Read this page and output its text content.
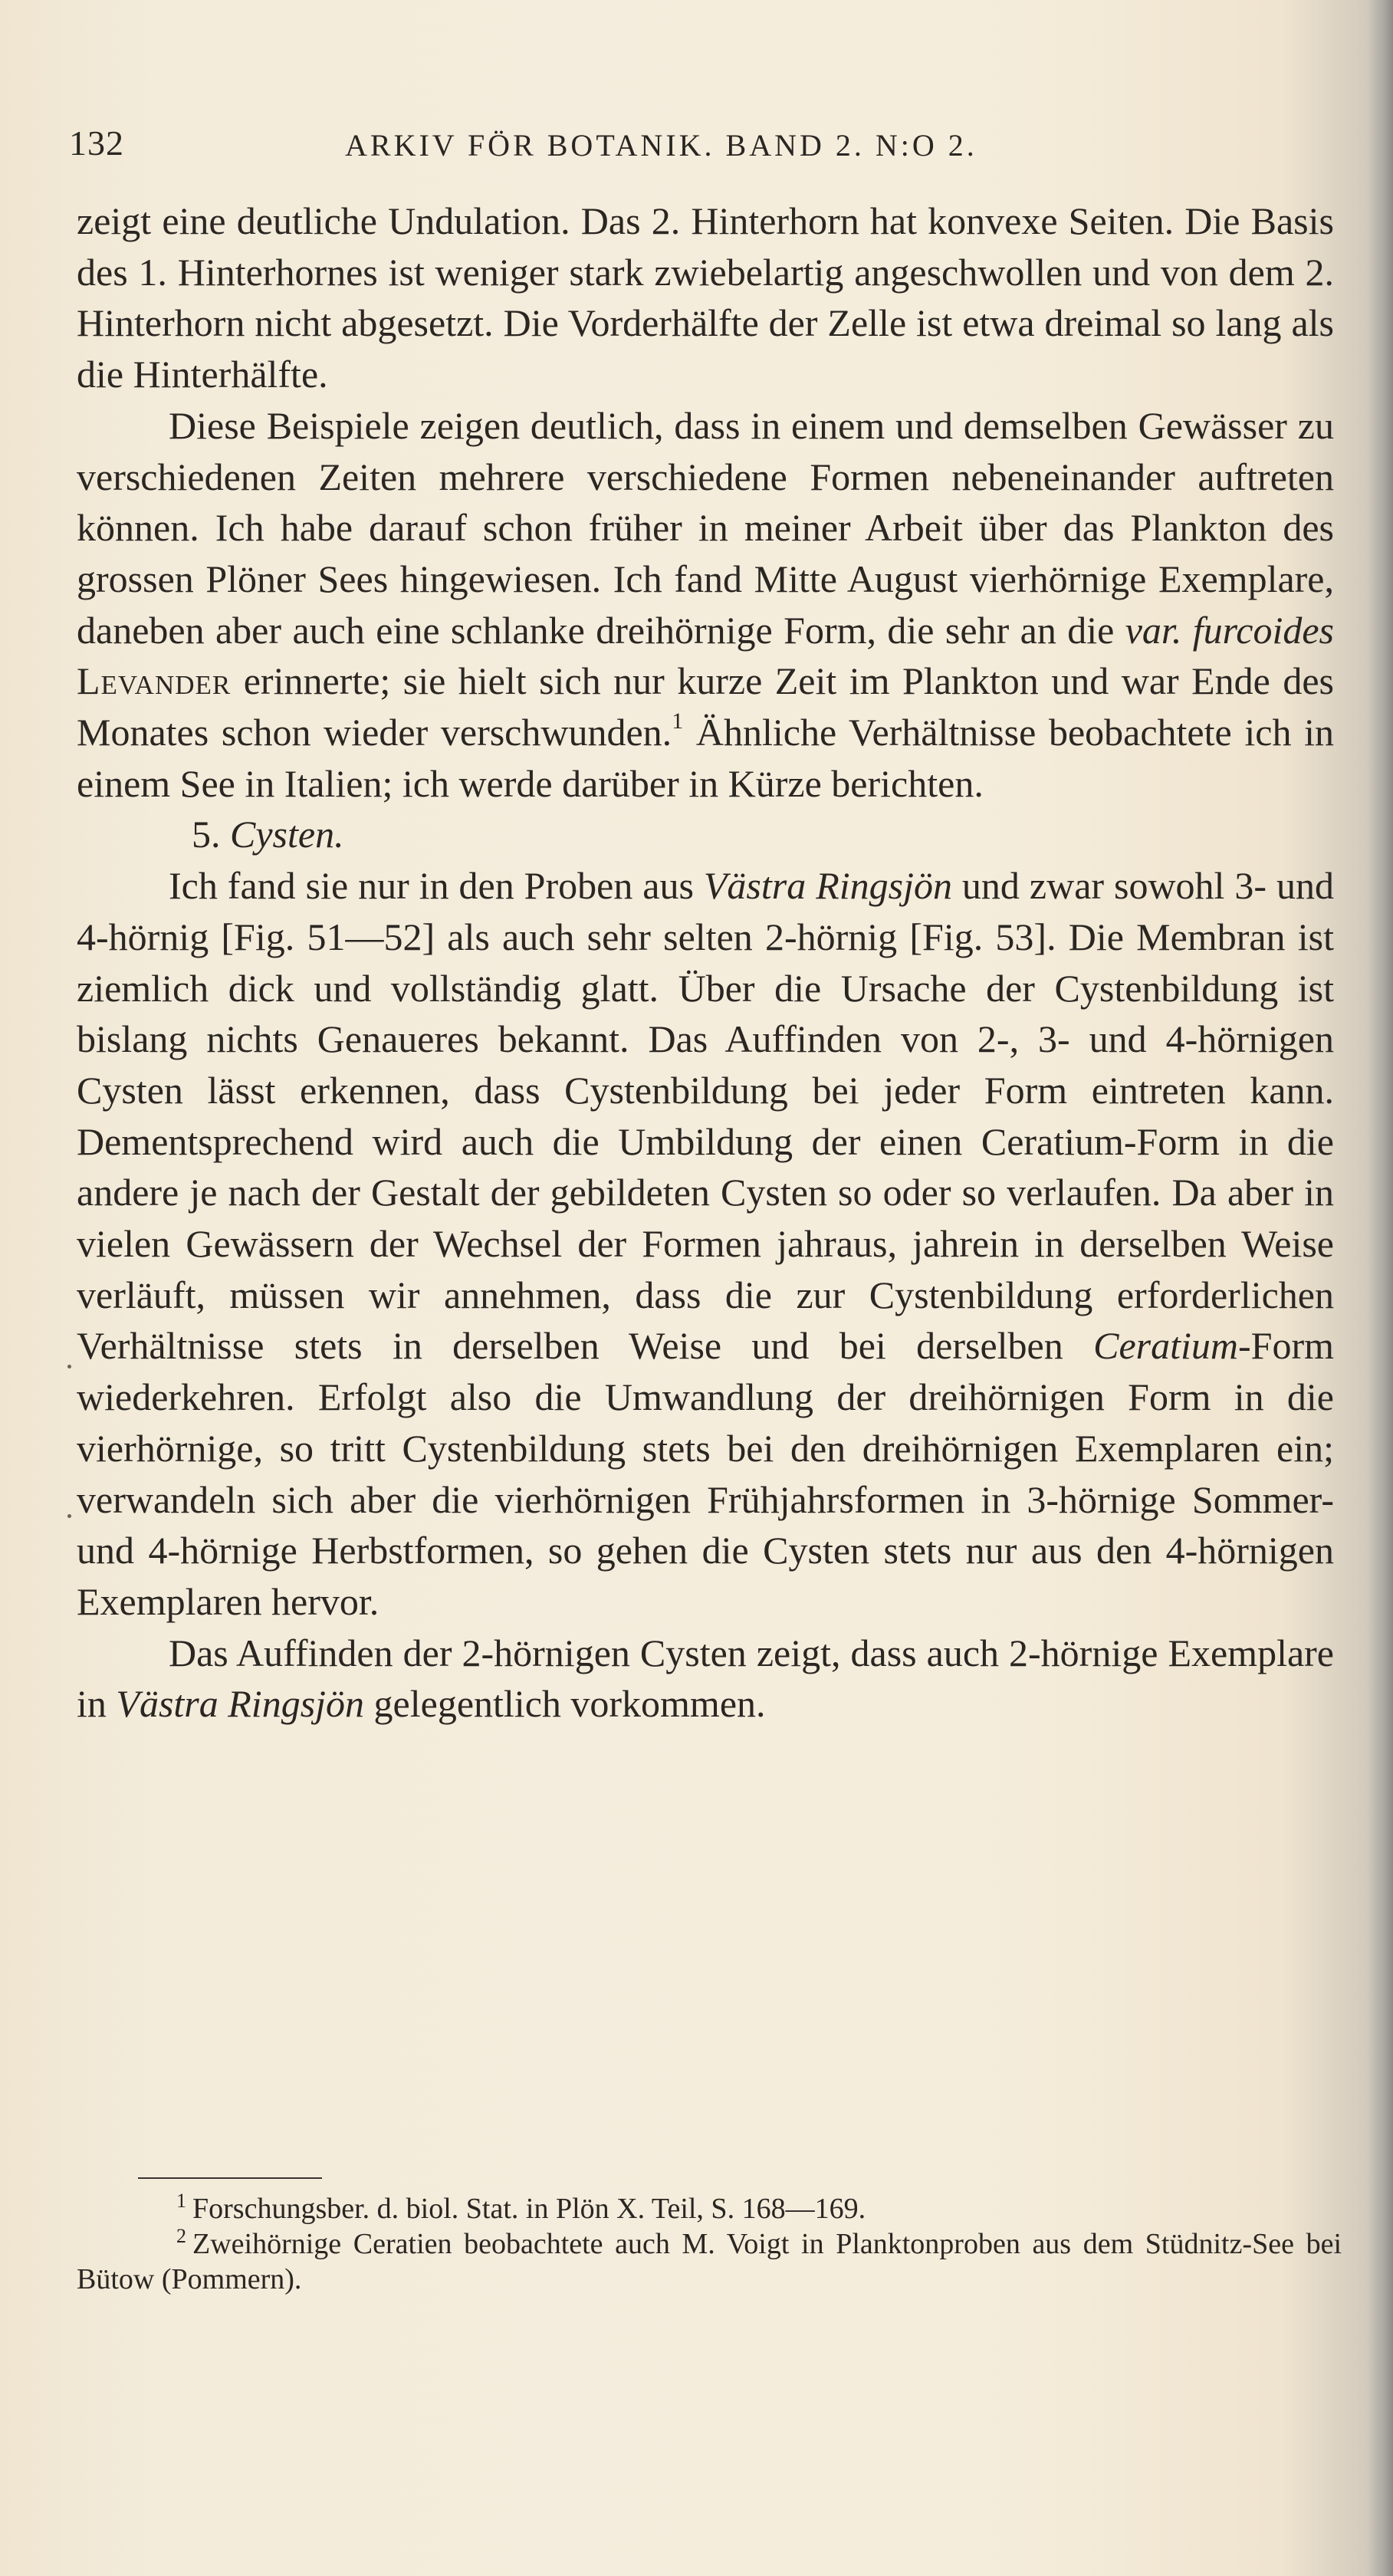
132	ARKIV FÖR BOTANIK. BAND 2. N:O 2.

zeigt eine deutliche Undulation. Das 2. Hinterhorn hat konvexe Seiten. Die Basis des 1. Hinterhornes ist weniger stark zwiebelartig angeschwollen und von dem 2. Hinterhorn nicht abgesetzt. Die Vorderhälfte der Zelle ist etwa dreimal so lang als die Hinterhälfte.

Diese Beispiele zeigen deutlich, dass in einem und demselben Gewässer zu verschiedenen Zeiten mehrere verschiedene Formen nebeneinander auftreten können. Ich habe darauf schon früher in meiner Arbeit über das Plankton des grossen Plöner Sees hingewiesen. Ich fand Mitte August vierhörnige Exemplare, daneben aber auch eine schlanke dreihörnige Form, die sehr an die var. furcoides Levander erinnerte; sie hielt sich nur kurze Zeit im Plankton und war Ende des Monates schon wieder verschwunden.$^1$ Ähnliche Verhältnisse beobachtete ich in einem See in Italien; ich werde darüber in Kürze berichten.

5. Cysten.

Ich fand sie nur in den Proben aus Västra Ringsjön und zwar sowohl 3- und 4-hörnig [Fig. 51—52] als auch sehr selten 2-hörnig [Fig. 53]. Die Membran ist ziemlich dick und vollständig glatt. Über die Ursache der Cystenbildung ist bislang nichts Genaueres bekannt. Das Auffinden von 2-, 3- und 4-hörnigen Cysten lässt erkennen, dass Cystenbildung bei jeder Form eintreten kann. Dementsprechend wird auch die Umbildung der einen Ceratium-Form in die andere je nach der Gestalt der gebildeten Cysten so oder so verlaufen. Da aber in vielen Gewässern der Wechsel der Formen jahraus, jahrein in derselben Weise verläuft, müssen wir annehmen, dass die zur Cystenbildung erforderlichen Verhältnisse stets in derselben Weise und bei derselben Ceratium-Form wiederkehren. Erfolgt also die Umwandlung der dreihörnigen Form in die vierhörnige, so tritt Cystenbildung stets bei den dreihörnigen Exemplaren ein; verwandeln sich aber die vierhörnigen Frühjahrsformen in 3-hörnige Sommer- und 4-hörnige Herbstformen, so gehen die Cysten stets nur aus den 4-hörnigen Exemplaren hervor.

Das Auffinden der 2-hörnigen Cysten zeigt, dass auch 2-hörnige Exemplare in Västra Ringsjön gelegentlich vorkommen.

$^1$ Forschungsber. d. biol. Stat. in Plön X. Teil, S. 168—169.

$^2$ Zweihörnige Ceratien beobachtete auch M. Voigt in Planktonproben aus dem Stüdnitz-See bei Bütow (Pommern).
